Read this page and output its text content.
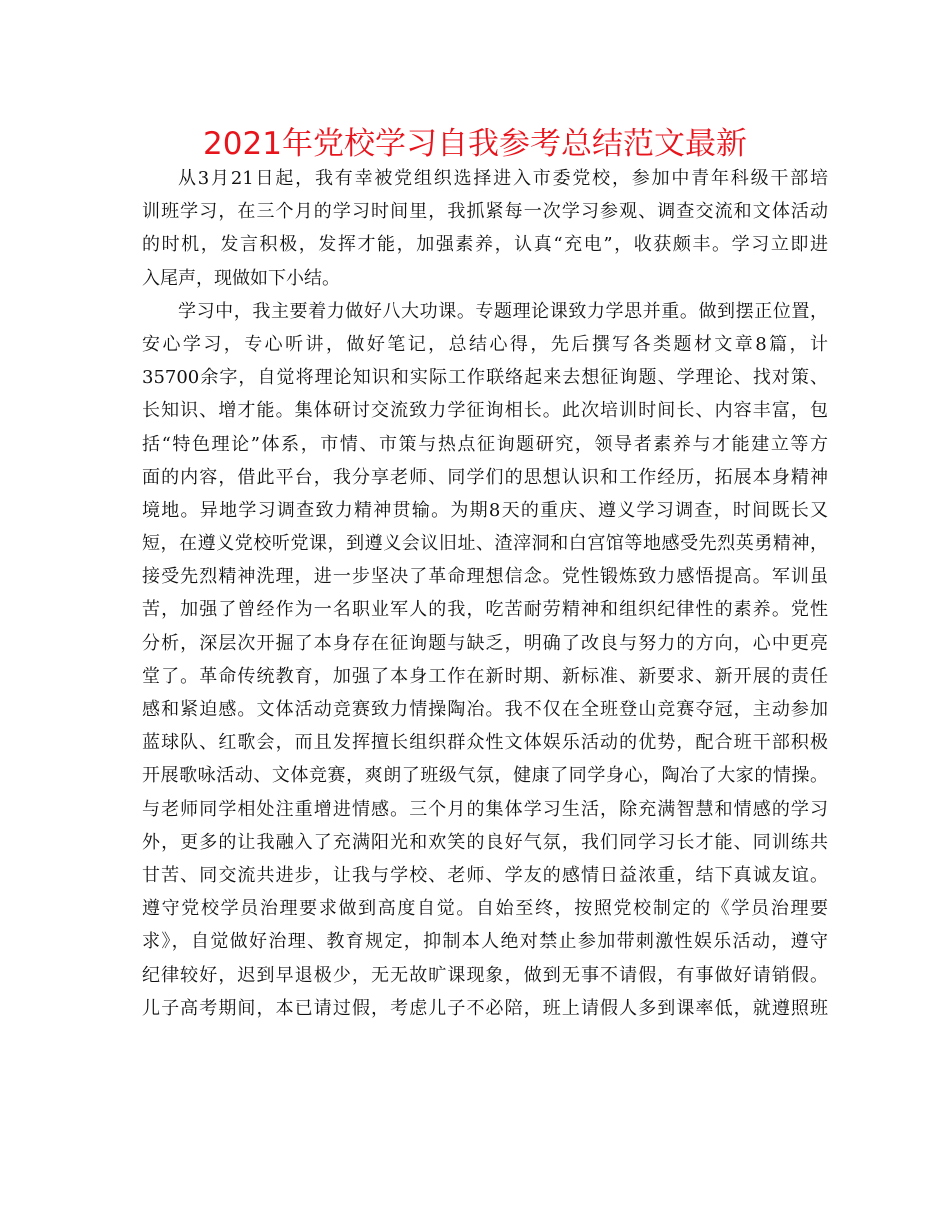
2021年党校学习自我参考总结范文最新
从3月21日起，我有幸被党组织选择进入市委党校，参加中青年科级干部培
训班学习，在三个月的学习时间里，我抓紧每一次学习参观、调查交流和文体活动
的时机，发言积极，发挥才能，加强素养，认真“充电”，收获颇丰。学习立即进
入尾声，现做如下小结。
学习中，我主要着力做好八大功课。专题理论课致力学思并重。做到摆正位置，
安心学习，专心听讲，做好笔记，总结心得，先后撰写各类题材文章8篇，计
35700余字，自觉将理论知识和实际工作联络起来去想征询题、学理论、找对策、
长知识、增才能。集体研讨交流致力学征询相长。此次培训时间长、内容丰富，包
括“特色理论”体系，市情、市策与热点征询题研究，领导者素养与才能建立等方
面的内容，借此平台，我分享老师、同学们的思想认识和工作经历，拓展本身精神
境地。异地学习调查致力精神贯输。为期8天的重庆、遵义学习调查，时间既长又
短，在遵义党校听党课，到遵义会议旧址、渣滓洞和白宫馆等地感受先烈英勇精神，
接受先烈精神洗理，进一步坚决了革命理想信念。党性锻炼致力感悟提高。军训虽
苦，加强了曾经作为一名职业军人的我，吃苦耐劳精神和组织纪律性的素养。党性
分析，深层次开掘了本身存在征询题与缺乏，明确了改良与努力的方向，心中更亮
堂了。革命传统教育，加强了本身工作在新时期、新标准、新要求、新开展的责任
感和紧迫感。文体活动竞赛致力情操陶冶。我不仅在全班登山竞赛夺冠，主动参加
蓝球队、红歌会，而且发挥擅长组织群众性文体娱乐活动的优势，配合班干部积极
开展歌咏活动、文体竞赛，爽朗了班级气氛，健康了同学身心，陶冶了大家的情操。
与老师同学相处注重增进情感。三个月的集体学习生活，除充满智慧和情感的学习
外，更多的让我融入了充满阳光和欢笑的良好气氛，我们同学习长才能、同训练共
甘苦、同交流共进步，让我与学校、老师、学友的感情日益浓重，结下真诚友谊。
遵守党校学员治理要求做到高度自觉。自始至终，按照党校制定的《学员治理要
求》，自觉做好治理、教育规定，抑制本人绝对禁止参加带刺激性娱乐活动，遵守
纪律较好，迟到早退极少，无无故旷课现象，做到无事不请假，有事做好请销假。
儿子高考期间，本已请过假，考虑儿子不必陪，班上请假人多到课率低，就遵照班
